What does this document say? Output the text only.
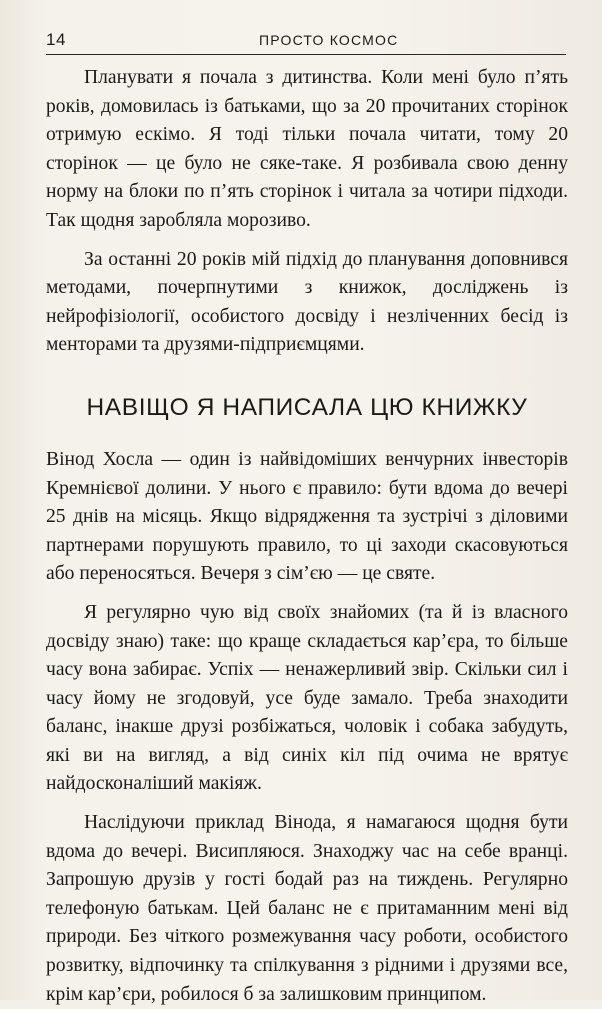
14	ПРОСТО КОСМОС

Планувати я почала з дитинства. Коли мені було п’ять років, домовилась із батьками, що за 20 прочитаних сторінок отримую ескімо. Я тоді тільки почала читати, тому 20 сторінок — це було не сяке-таке. Я розбивала свою денну норму на блоки по п’ять сторінок і читала за чотири підходи. Так щодня заробляла морозиво.

За останні 20 років мій підхід до планування доповнився методами, почерпнутими з книжок, досліджень із нейрофізіології, особистого досвіду і незліченних бесід із менторами та друзями-підприємцями.

НАВІЩО Я НАПИСАЛА ЦЮ КНИЖКУ

Вінод Хосла — один із найвідоміших венчурних інвесторів Кремнієвої долини. У нього є правило: бути вдома до вечері 25 днів на місяць. Якщо відрядження та зустрічі з діловими партнерами порушують правило, то ці заходи скасовуються або переносяться. Вечеря з сім’єю — це святе.

Я регулярно чую від своїх знайомих (та й із власного досвіду знаю) таке: що краще складається кар’єра, то більше часу вона забирає. Успіх — ненажерливий звір. Скільки сил і часу йому не згодовуй, усе буде замало. Треба знаходити баланс, інакше друзі розбіжаться, чоловік і собака забудуть, які ви на вигляд, а від синіх кіл під очима не врятує найдосконаліший макіяж.

Наслідуючи приклад Вінода, я намагаюся щодня бути вдома до вечері. Висипляюся. Знаходжу час на себе вранці. Запрошую друзів у гості бодай раз на тиждень. Регулярно телефоную батькам. Цей баланс не є притаманним мені від природи. Без чіткого розмежування часу роботи, особистого розвитку, відпочинку та спілкування з рідними і друзями все, крім кар’єри, робилося б за залишковим принципом.
